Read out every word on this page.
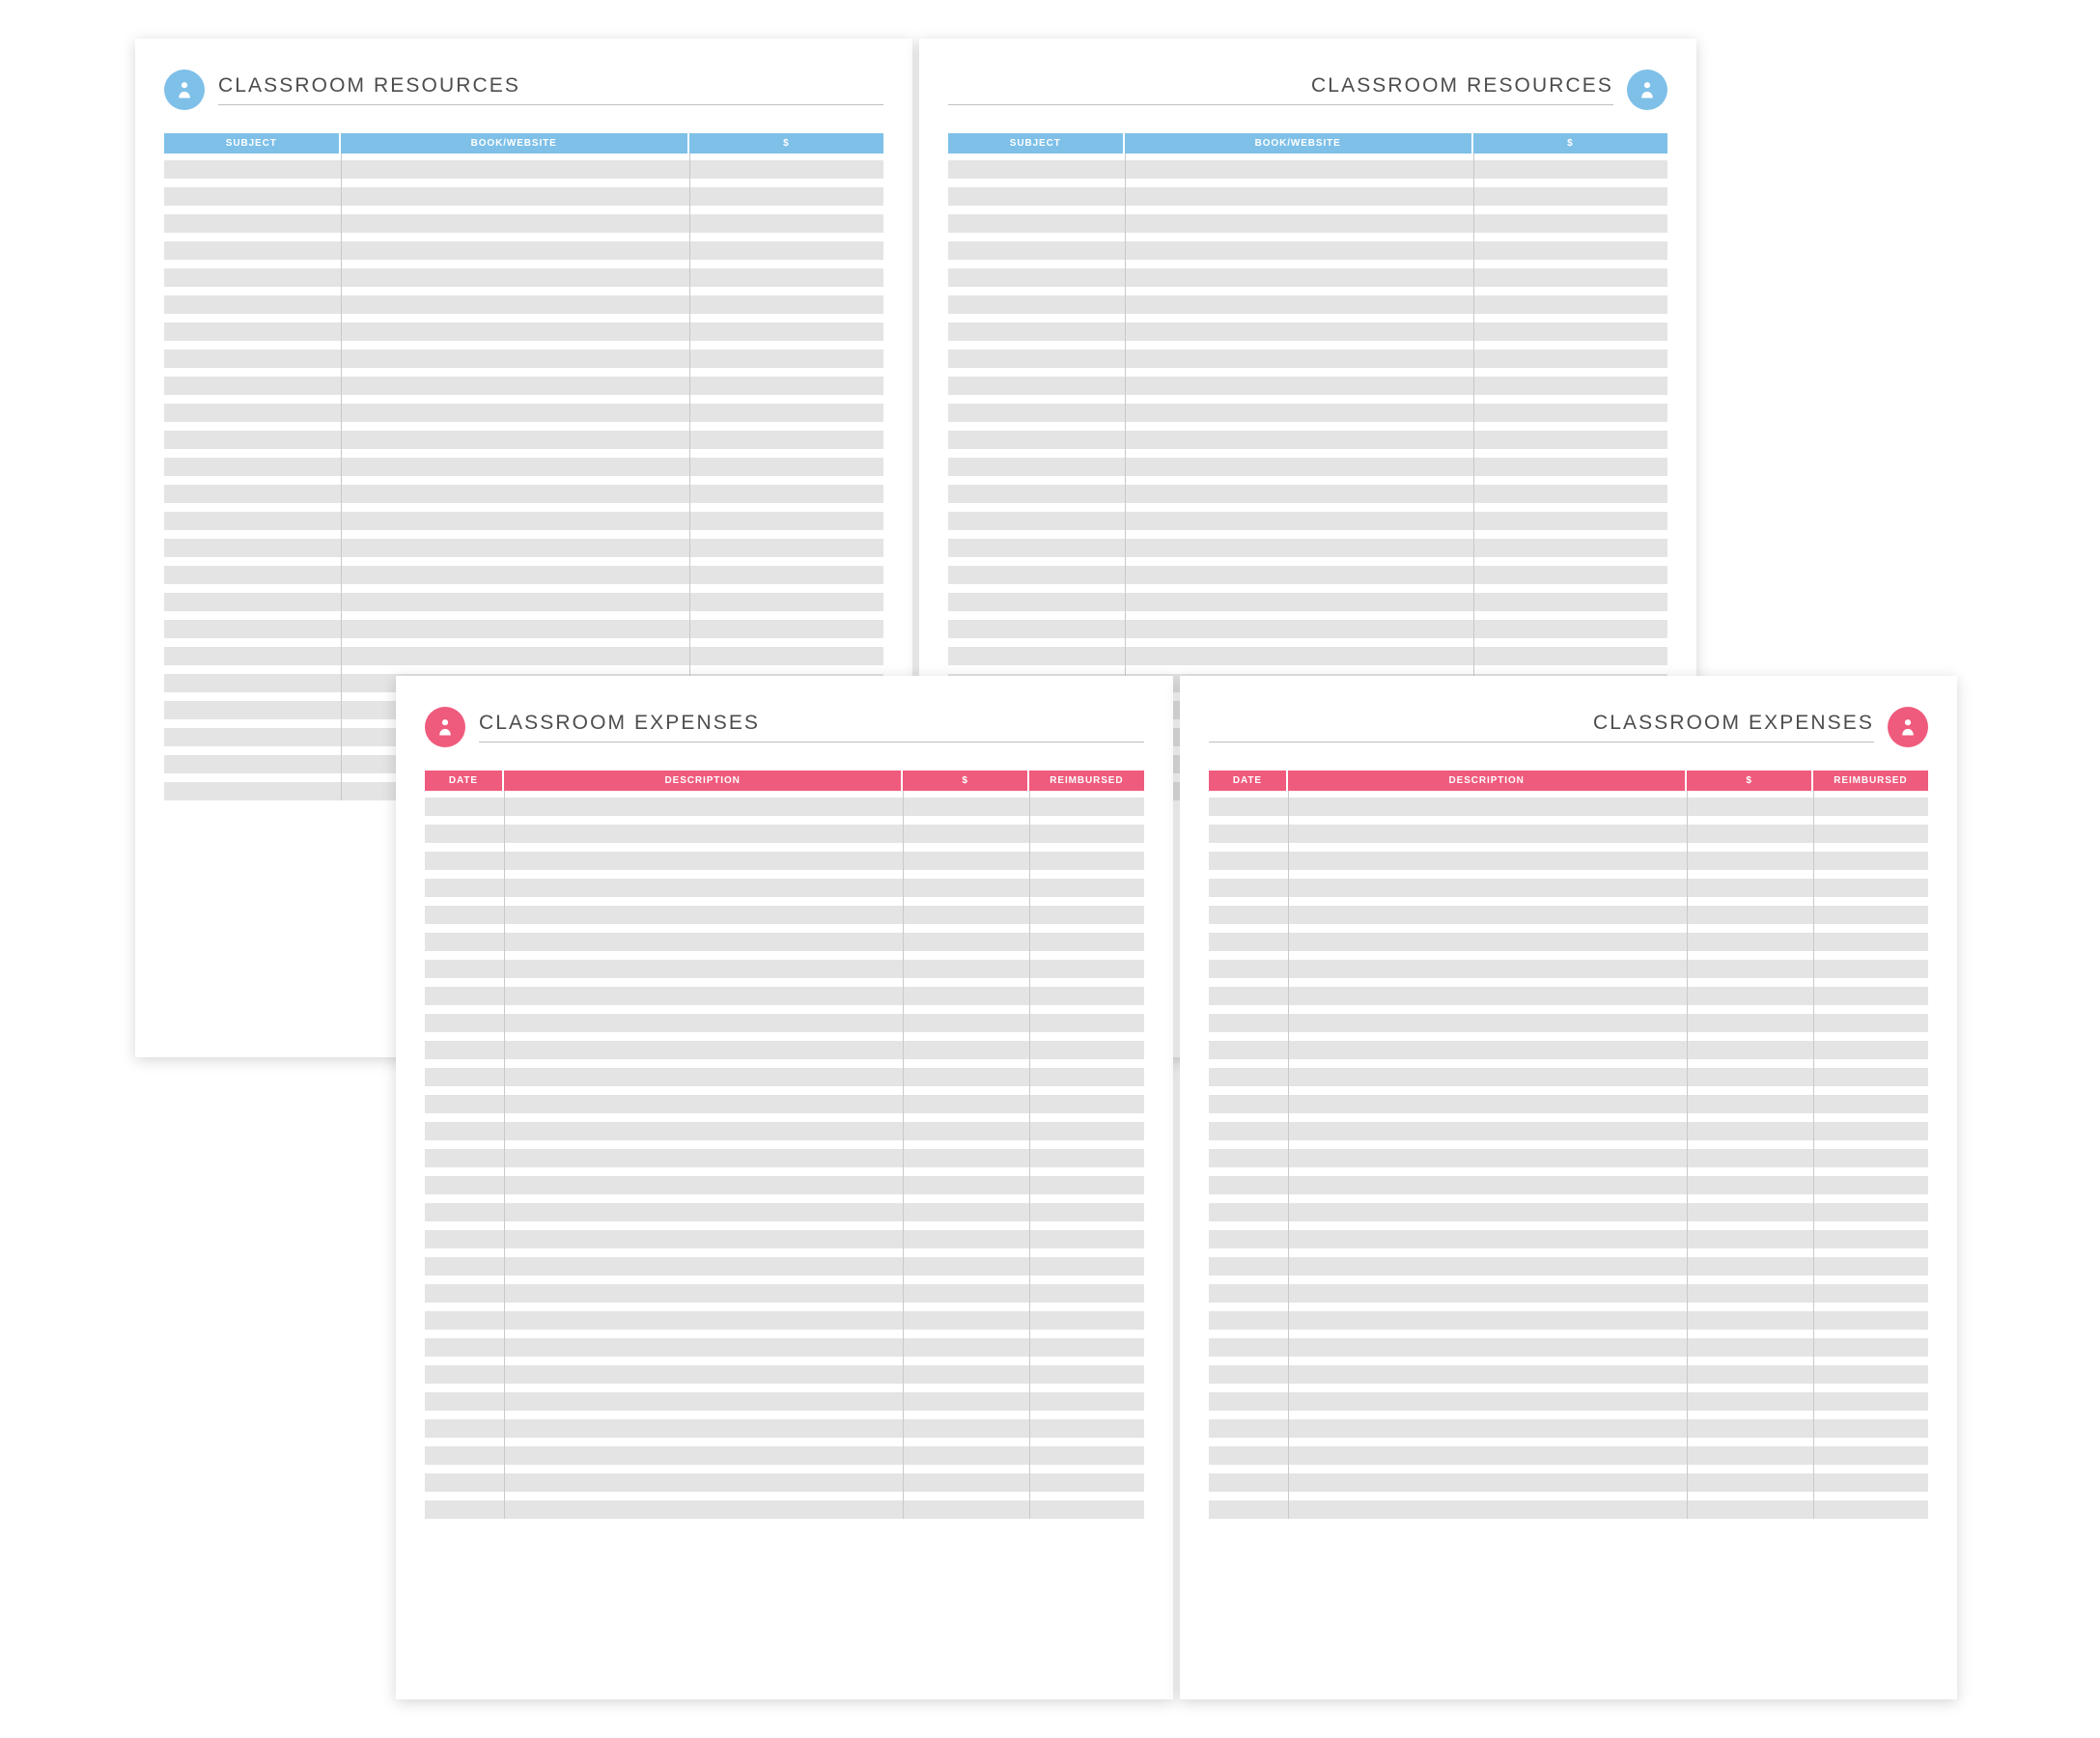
CLASSROOM RESOURCES
SUBJECT	BOOK/WEBSITE	$
CLASSROOM RESOURCES
SUBJECT	BOOK/WEBSITE	$
CLASSROOM EXPENSES
DATE	DESCRIPTION	$	REIMBURSED
CLASSROOM EXPENSES
DATE	DESCRIPTION	$	REIMBURSED
